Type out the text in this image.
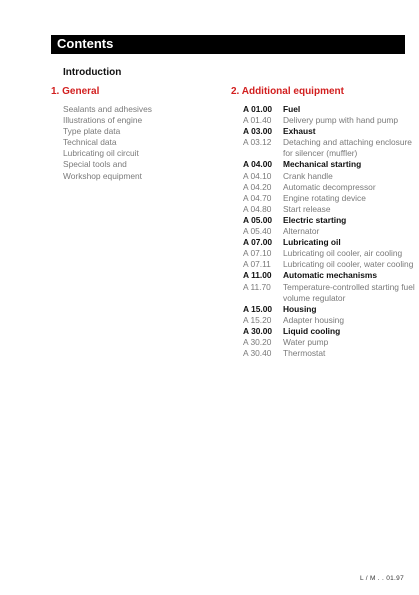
Contents
Introduction
1. General	2. Additional equipment
Sealants and adhesives
Illustrations of engine
Type plate data
Technical data
Lubricating oil circuit
Special tools and
Workshop equipment
A 01.00	Fuel
A 01.40	Delivery pump with hand pump
A 03.00	Exhaust
A 03.12	Detaching and attaching enclosure for silencer (muffler)
A 04.00	Mechanical starting
A 04.10	Crank handle
A 04.20	Automatic decompressor
A 04.70	Engine rotating device
A 04.80	Start release
A 05.00	Electric starting
A 05.40	Alternator
A 07.00	Lubricating oil
A 07.10	Lubricating oil cooler, air cooling
A 07.11	Lubricating oil cooler, water cooling
A 11.00	Automatic mechanisms
A 11.70	Temperature-controlled starting fuel volume regulator
A 15.00	Housing
A 15.20	Adapter housing
A 30.00	Liquid cooling
A 30.20	Water pump
A 30.40	Thermostat
L / M . . 01.97
